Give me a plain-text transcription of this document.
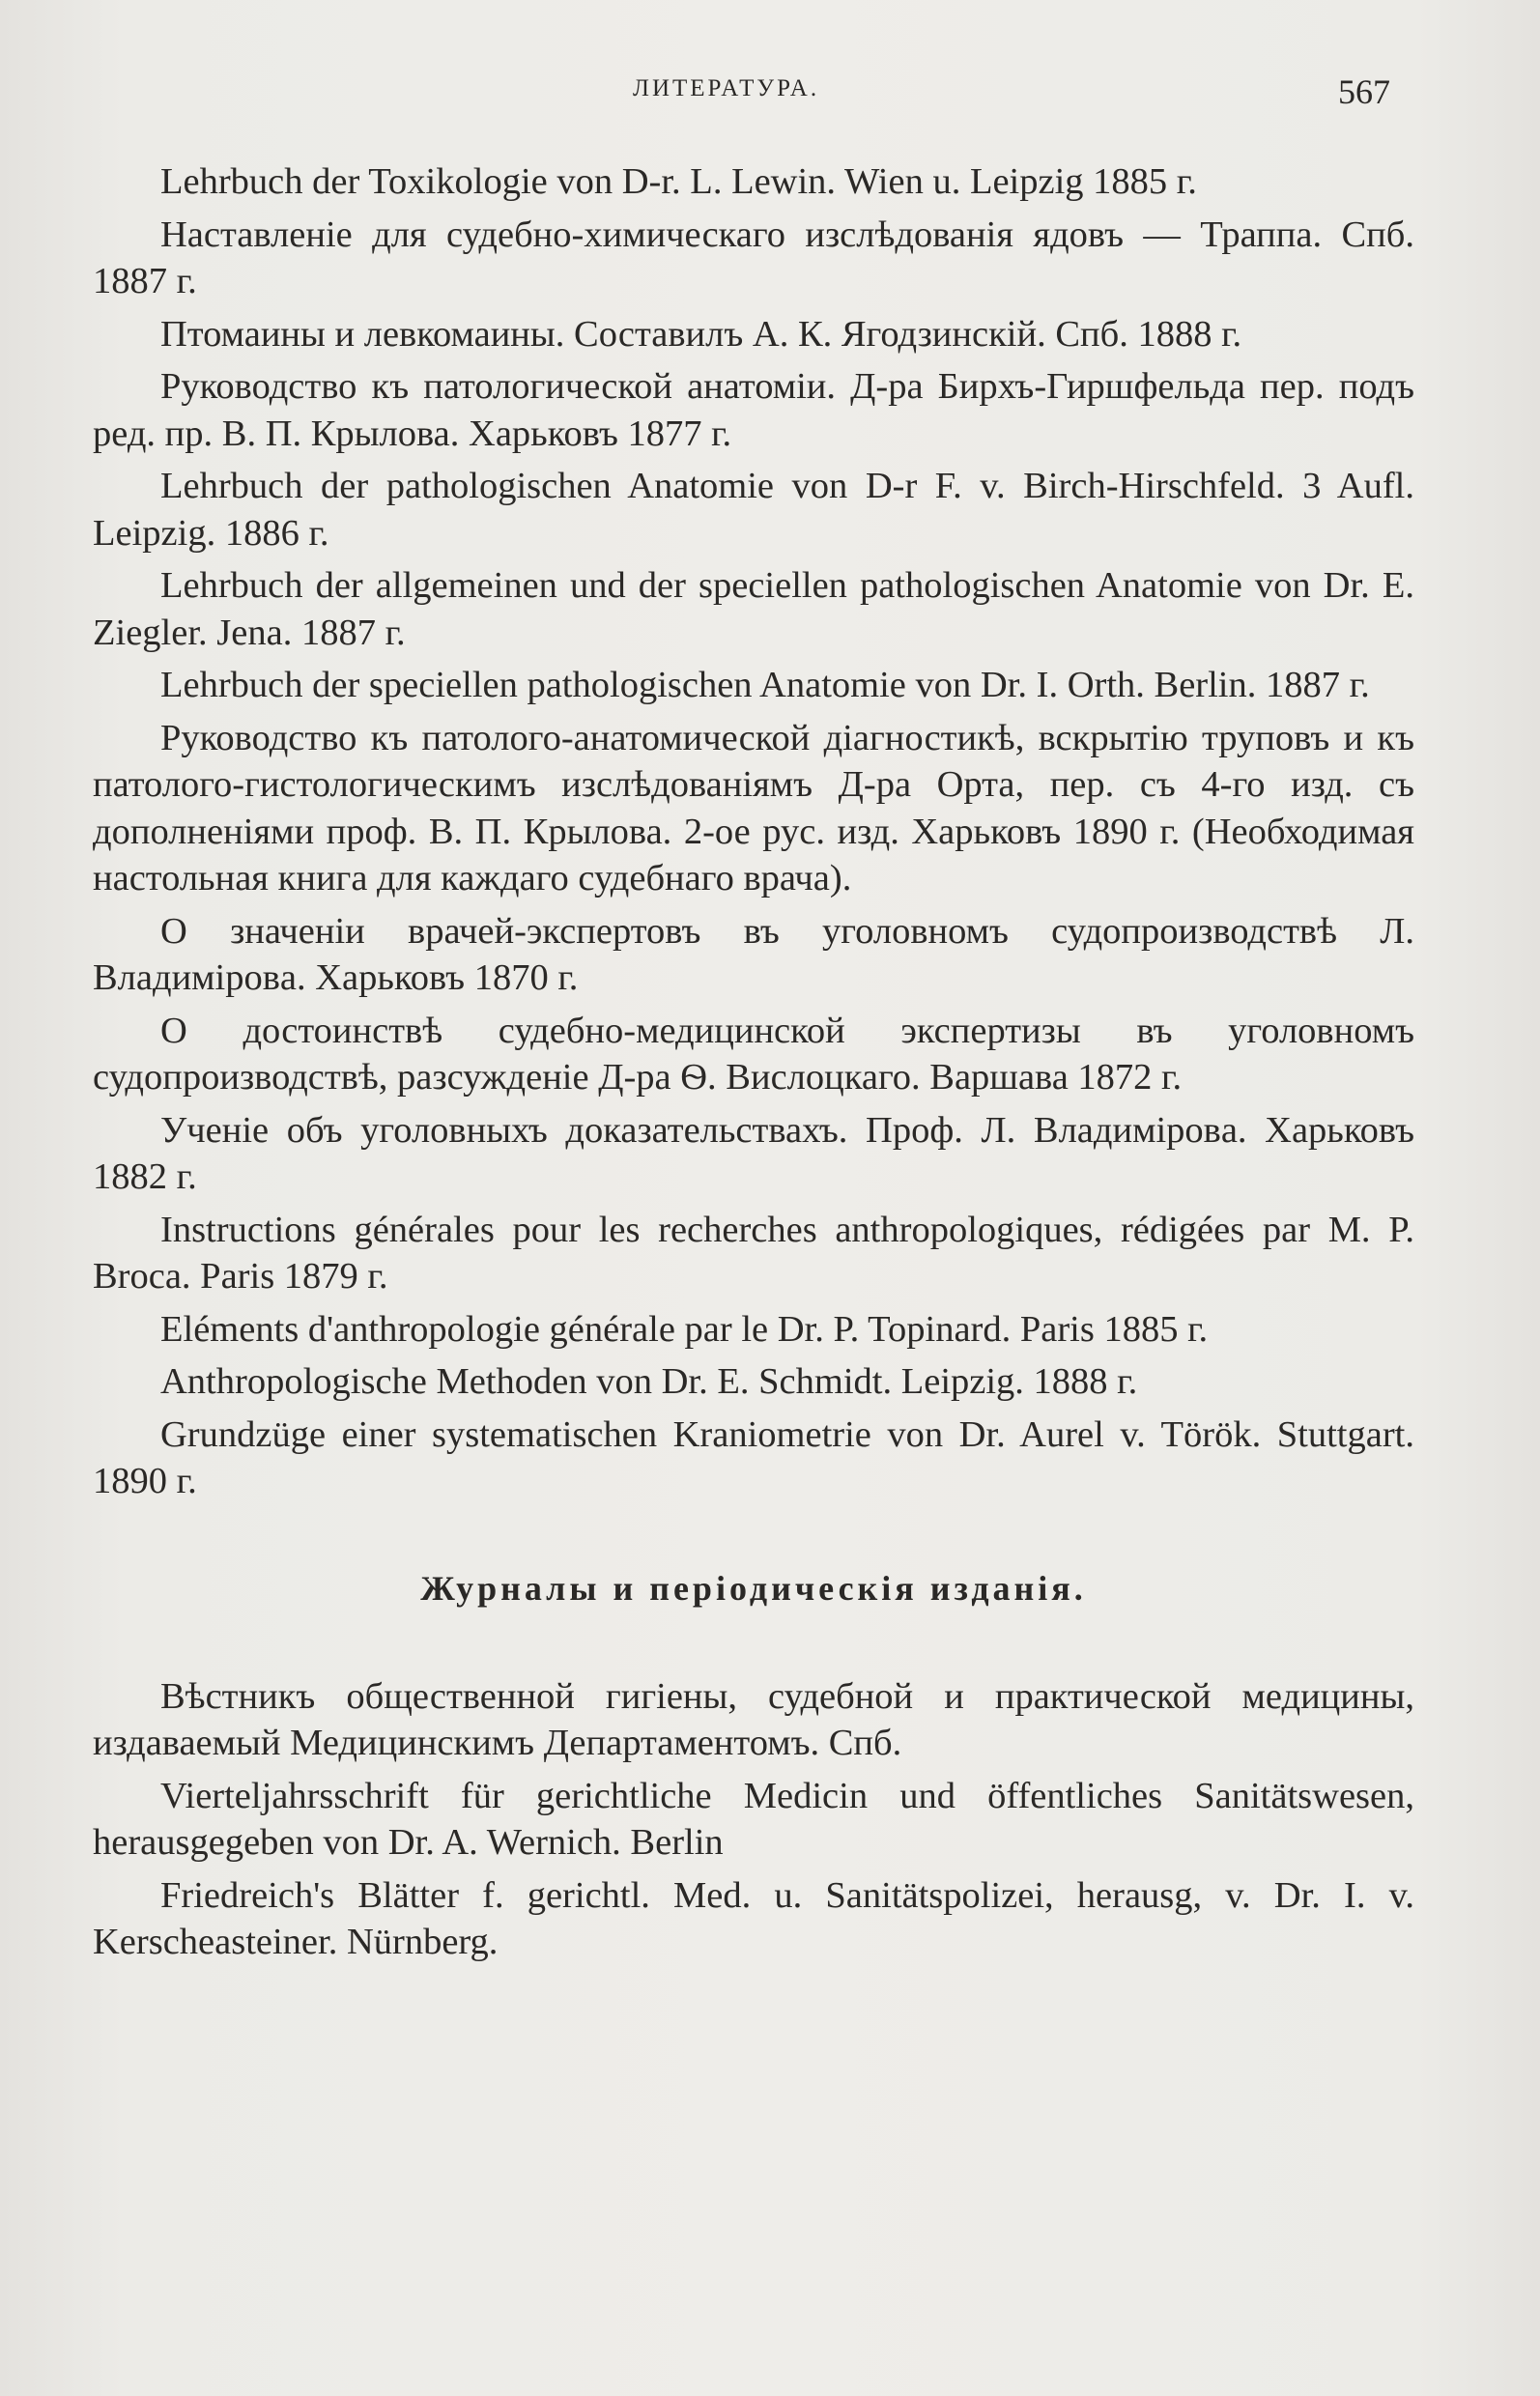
ЛИТЕРАТУРА.	567

Lehrbuch der Toxikologie von D-r. L. Lewin. Wien u. Leipzig 1885 г.

Наставленіе для судебно-химическаго изслѣдованія ядовъ — Траппа. Спб. 1887 г.

Птомаины и левкомаины. Составилъ А. К. Ягодзинскій. Спб. 1888 г.

Руководство къ патологической анатоміи. Д-ра Бирхъ-Гиршфельда пер. подъ ред. пр. В. П. Крылова. Харьковъ 1877 г.

Lehrbuch der pathologischen Anatomie von D-r F. v. Birch-Hirschfeld. 3 Aufl. Leipzig. 1886 г.

Lehrbuch der allgemeinen und der speciellen pathologischen Anatomie von Dr. E. Ziegler. Jena. 1887 г.

Lehrbuch der speciellen pathologischen Anatomie von Dr. I. Orth. Berlin. 1887 г.

Руководство къ патолого-анатомической діагностикѣ, вскрытію труповъ и къ патолого-гистологическимъ изслѣдованіямъ Д-ра Орта, пер. съ 4-го изд. съ дополненіями проф. В. П. Крылова. 2-ое рус. изд. Харьковъ 1890 г. (Необходимая настольная книга для каждаго судебнаго врача).

О значеніи врачей-экспертовъ въ уголовномъ судопроизводствѣ Л. Владиміровa. Харьковъ 1870 г.

О достоинствѣ судебно-медицинской экспертизы въ уголовномъ судопроизводствѣ, разсужденіе Д-ра Ѳ. Вислоцкаго. Варшава 1872 г.

Ученіе объ уголовныхъ доказательствахъ. Проф. Л. Владиміровa. Харьковъ 1882 г.

Instructions générales pour les recherches anthropologiques, rédigées par M. P. Broca. Paris 1879 г.

Eléments d'anthropologie générale par le Dr. P. Topinard. Paris 1885 г.

Anthropologische Methoden von Dr. E. Schmidt. Leipzig. 1888 г.

Grundzüge einer systematischen Kraniometrie von Dr. Aurel v. Török. Stuttgart. 1890 г.

Журналы и періодическія изданія.

Вѣстникъ общественной гигіены, судебной и практической медицины, издаваемый Медицинскимъ Департаментомъ. Спб.

Vierteljahrsschrift für gerichtliche Medicin und öffentliches Sanitätswesen, herausgegeben von Dr. A. Wernich. Berlin

Friedreich's Blätter f. gerichtl. Med. u. Sanitätspolizei, herausg, v. Dr. I. v. Kerscheasteiner. Nürnberg.
